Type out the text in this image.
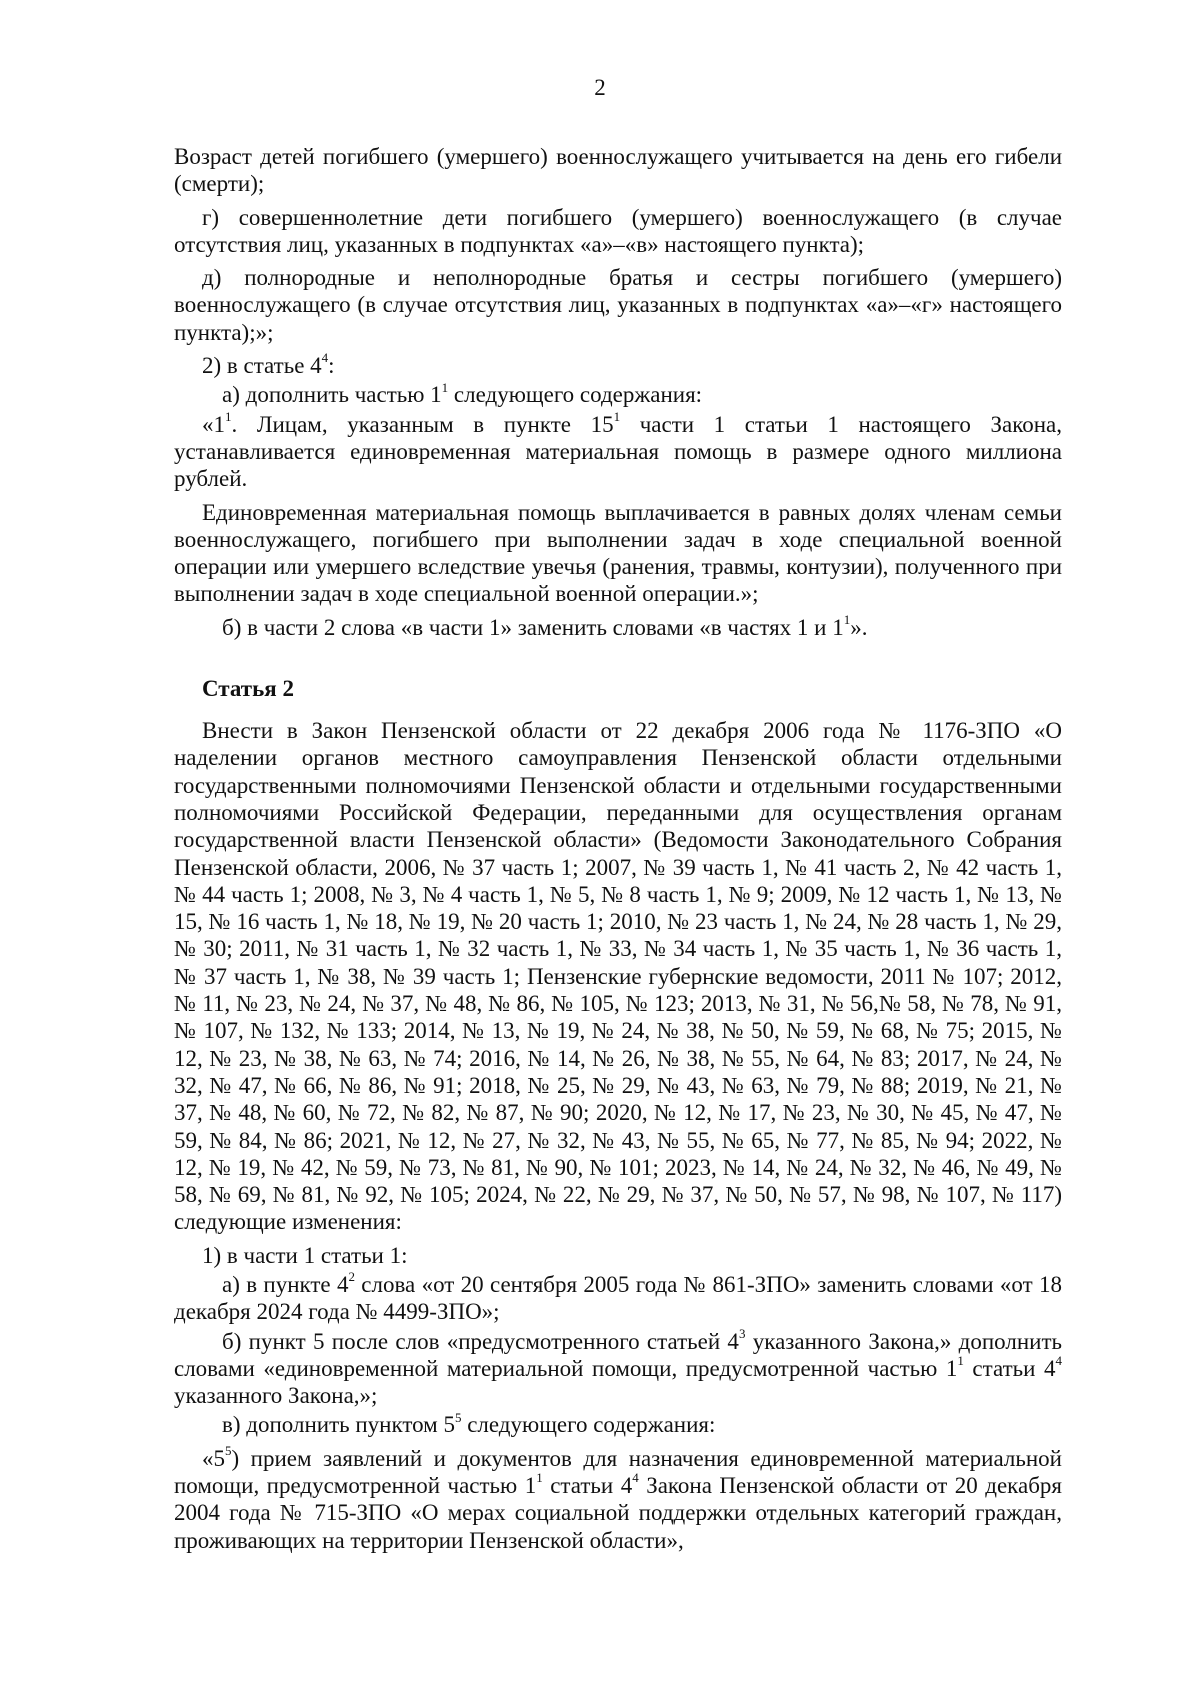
2

Возраст детей погибшего (умершего) военнослужащего учитывается на день его гибели (смерти);

г) совершеннолетние дети погибшего (умершего) военнослужащего (в случае отсутствия лиц, указанных в подпунктах «а»–«в» настоящего пункта);

д) полнородные и неполнородные братья и сестры погибшего (умершего) военнослужащего (в случае отсутствия лиц, указанных в подпунктах «а»–«г» настоящего пункта);»;

2) в статье $4^4$:

а) дополнить частью $1^1$ следующего содержания:

«$1^1$. Лицам, указанным в пункте $15^1$ части 1 статьи 1 настоящего Закона, устанавливается единовременная материальная помощь в размере одного миллиона рублей.

Единовременная материальная помощь выплачивается в равных долях членам семьи военнослужащего, погибшего при выполнении задач в ходе специальной военной операции или умершего вследствие увечья (ранения, травмы, контузии), полученного при выполнении задач в ходе специальной военной операции.»;

б) в части 2 слова «в части 1» заменить словами «в частях 1 и $1^1$».

Статья 2

Внести в Закон Пензенской области от 22 декабря 2006 года № 1176-ЗПО «О наделении органов местного самоуправления Пензенской области отдельными государственными полномочиями Пензенской области и отдельными государственными полномочиями Российской Федерации, переданными для осуществления органам государственной власти Пензенской области» (Ведомости Законодательного Собрания Пензенской области, 2006, № 37 часть 1; 2007, № 39 часть 1, № 41 часть 2, № 42 часть 1, № 44 часть 1; 2008, № 3, № 4 часть 1, № 5, № 8 часть 1, № 9; 2009, № 12 часть 1, № 13, № 15, № 16 часть 1, № 18, № 19, № 20 часть 1; 2010, № 23 часть 1, № 24, № 28 часть 1, № 29, № 30; 2011, № 31 часть 1, № 32 часть 1, № 33, № 34 часть 1, № 35 часть 1, № 36 часть 1, № 37 часть 1, № 38, № 39 часть 1; Пензенские губернские ведомости, 2011 № 107; 2012, № 11, № 23, № 24, № 37, № 48, № 86, № 105, № 123; 2013, № 31, № 56,№ 58, № 78, № 91, № 107, № 132, № 133; 2014, № 13, № 19, № 24, № 38, № 50, № 59, № 68, № 75; 2015, № 12, № 23, № 38, № 63, № 74; 2016, № 14, № 26, № 38, № 55, № 64, № 83; 2017, № 24, № 32, № 47, № 66, № 86, № 91; 2018, № 25, № 29, № 43, № 63, № 79, № 88; 2019, № 21, № 37, № 48, № 60, № 72, № 82, № 87, № 90; 2020, № 12, № 17, № 23, № 30, № 45, № 47, № 59, № 84, № 86; 2021, № 12, № 27, № 32, № 43, № 55, № 65, № 77, № 85, № 94; 2022, № 12, № 19, № 42, № 59, № 73, № 81, № 90, № 101; 2023, № 14, № 24, № 32, № 46, № 49, № 58, № 69, № 81, № 92, № 105; 2024, № 22, № 29, № 37, № 50, № 57, № 98, № 107, № 117) следующие изменения:

1) в части 1 статьи 1:

а) в пункте $4^2$ слова «от 20 сентября 2005 года № 861-ЗПО» заменить словами «от 18 декабря 2024 года № 4499-ЗПО»;

б) пункт 5 после слов «предусмотренного статьей $4^3$ указанного Закона,» дополнить словами «единовременной материальной помощи, предусмотренной частью $1^1$ статьи $4^4$ указанного Закона,»;

в) дополнить пунктом $5^5$ следующего содержания:

«$5^5$) прием заявлений и документов для назначения единовременной материальной помощи, предусмотренной частью $1^1$ статьи $4^4$ Закона Пензенской области от 20 декабря 2004 года № 715-ЗПО «О мерах социальной поддержки отдельных категорий граждан, проживающих на территории Пензенской области»,
